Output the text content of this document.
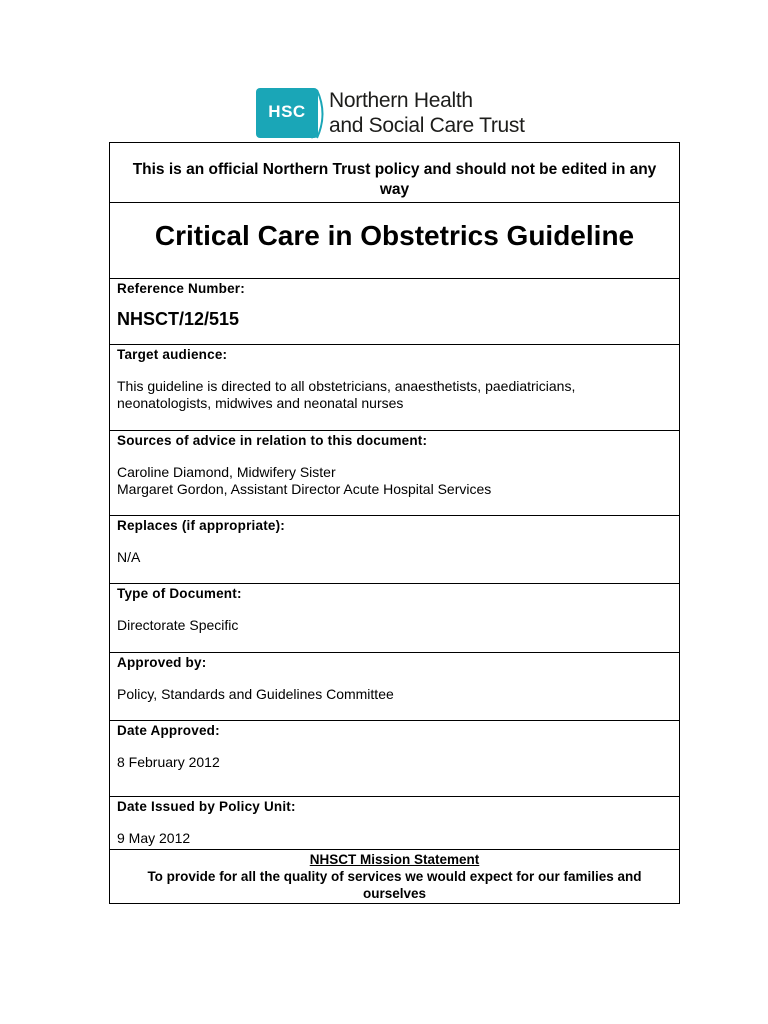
HSC	Northern Health
and Social Care Trust
This is an official Northern Trust policy and should not be edited in any way
Critical Care in Obstetrics Guideline

Reference Number:
NHSCT/12/515

Target audience:
This guideline is directed to all obstetricians, anaesthetists, paediatricians, neonatologists, midwives and neonatal nurses

Sources of advice in relation to this document:
Caroline Diamond, Midwifery Sister
Margaret Gordon, Assistant Director Acute Hospital Services

Replaces (if appropriate):
N/A

Type of Document:
Directorate Specific

Approved by:
Policy, Standards and Guidelines Committee

Date Approved:
8 February 2012

Date Issued by Policy Unit:
9 May 2012

NHSCT Mission Statement
To provide for all the quality of services we would expect for our families and ourselves
